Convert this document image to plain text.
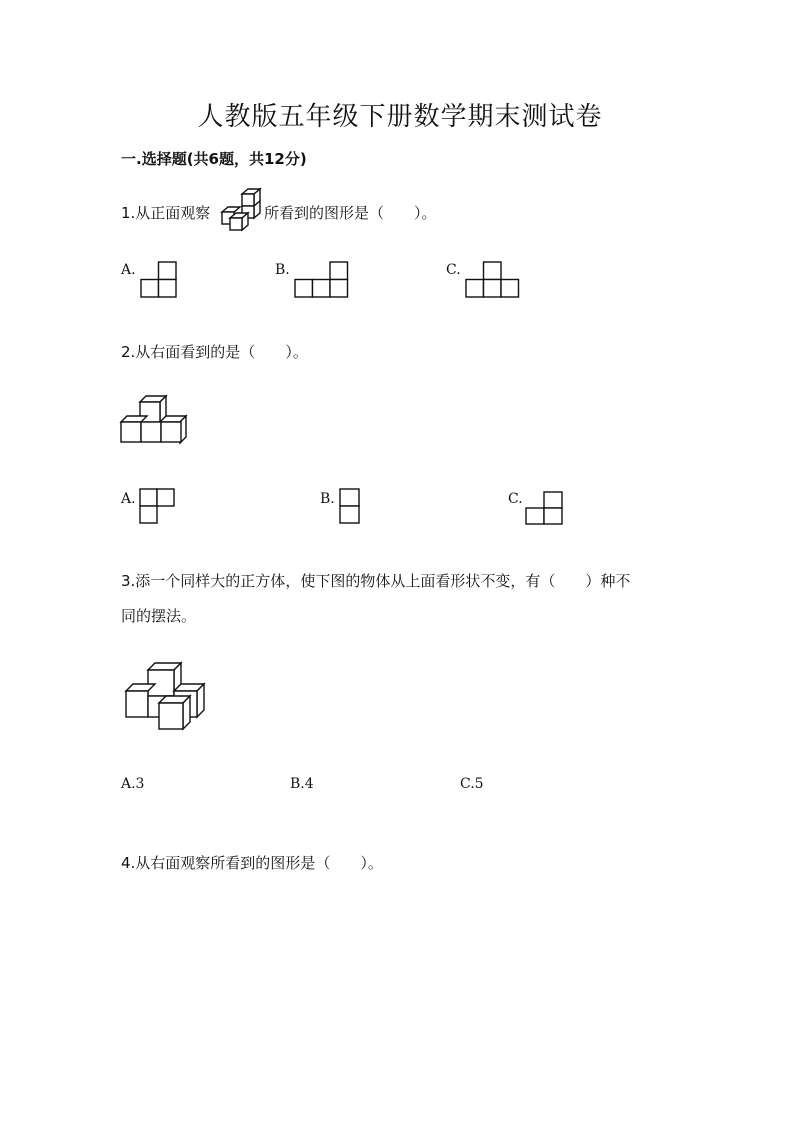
人教版五年级下册数学期末测试卷
一.选择题(共6题，共12分)
1.从正面观察	所看到的图形是（　　）。
A.	B.	C.
2.从右面看到的是（　　）。
A.	B.	C.
3.添一个同样大的正方体，使下图的物体从上面看形状不变，有（　　）种不
同的摆法。
A.3	B.4	C.5
4.从右面观察所看到的图形是（　　）。
